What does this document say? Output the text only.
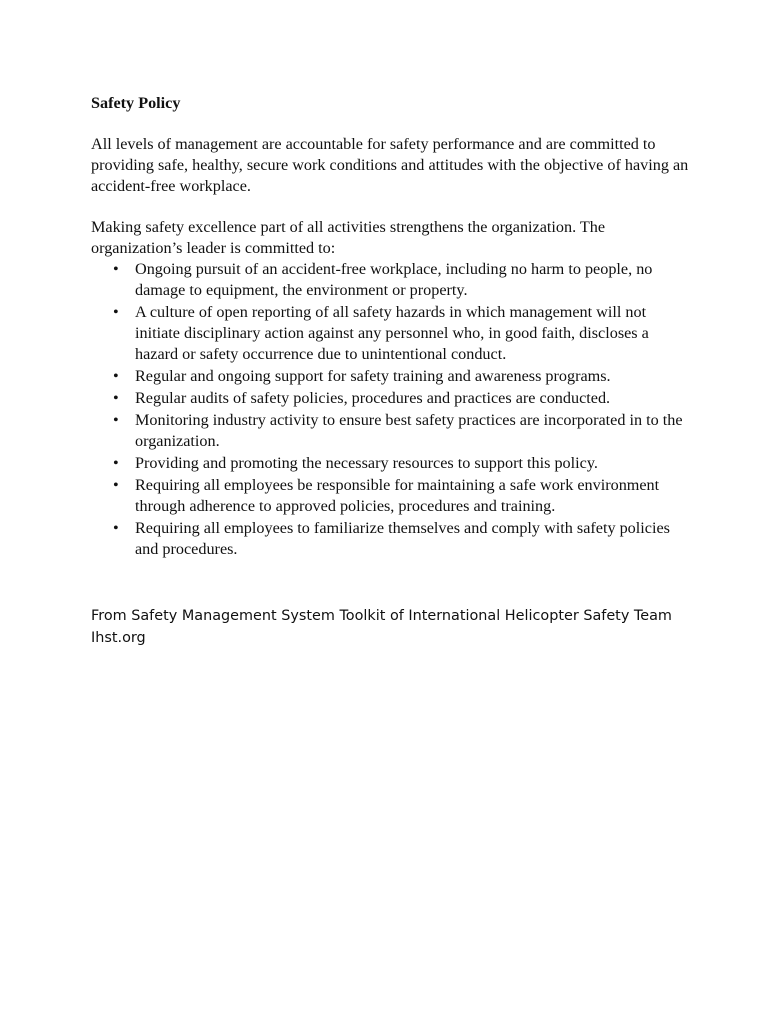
Safety Policy
All levels of management are accountable for safety performance and are committed to providing safe, healthy, secure work conditions and attitudes with the objective of having an accident-free workplace.
Making safety excellence part of all activities strengthens the organization. The organization’s leader is committed to:
• Ongoing pursuit of an accident-free workplace, including no harm to people, no damage to equipment, the environment or property.
• A culture of open reporting of all safety hazards in which management will not initiate disciplinary action against any personnel who, in good faith, discloses a hazard or safety occurrence due to unintentional conduct.
• Regular and ongoing support for safety training and awareness programs.
• Regular audits of safety policies, procedures and practices are conducted.
• Monitoring industry activity to ensure best safety practices are incorporated in to the organization.
• Providing and promoting the necessary resources to support this policy.
• Requiring all employees be responsible for maintaining a safe work environment through adherence to approved policies, procedures and training.
• Requiring all employees to familiarize themselves and comply with safety policies and procedures.
From Safety Management System Toolkit of International Helicopter Safety Team
Ihst.org
